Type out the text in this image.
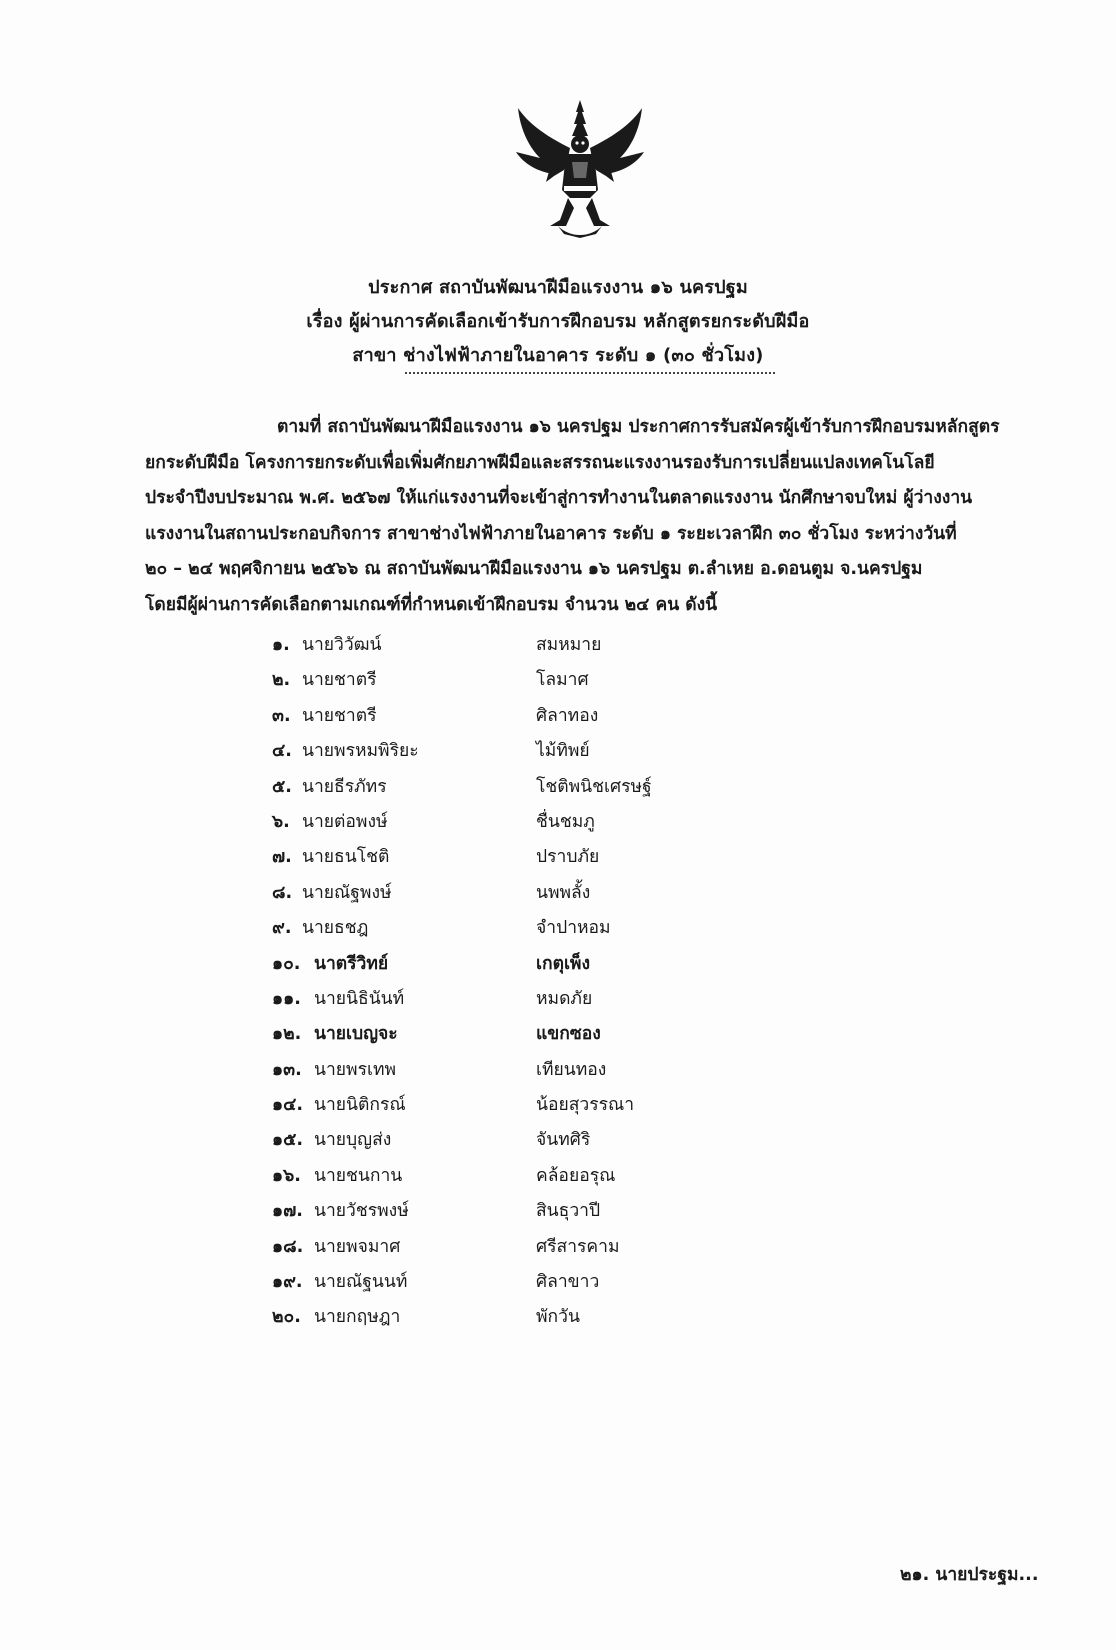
ประกาศ สถาบันพัฒนาฝีมือแรงงาน ๑๖ นครปฐม
เรื่อง ผู้ผ่านการคัดเลือกเข้ารับการฝึกอบรม หลักสูตรยกระดับฝีมือ
สาขา ช่างไฟฟ้าภายในอาคาร ระดับ ๑ (๓๐ ชั่วโมง)
ตามที่ สถาบันพัฒนาฝีมือแรงงาน ๑๖ นครปฐม ประกาศการรับสมัครผู้เข้ารับการฝึกอบรมหลักสูตร
ยกระดับฝีมือ โครงการยกระดับเพื่อเพิ่มศักยภาพฝีมือและสรรถนะแรงงานรองรับการเปลี่ยนแปลงเทคโนโลยี
ประจำปีงบประมาณ พ.ศ. ๒๕๖๗ ให้แก่แรงงานที่จะเข้าสู่การทำงานในตลาดแรงงาน นักศึกษาจบใหม่ ผู้ว่างงาน
แรงงานในสถานประกอบกิจการ สาขาช่างไฟฟ้าภายในอาคาร ระดับ ๑ ระยะเวลาฝึก ๓๐ ชั่วโมง ระหว่างวันที่
๒๐ – ๒๔ พฤศจิกายน ๒๕๖๖ ณ สถาบันพัฒนาฝีมือแรงงาน ๑๖ นครปฐม ต.ลำเหย อ.ดอนตูม จ.นครปฐม
โดยมีผู้ผ่านการคัดเลือกตามเกณฑ์ที่กำหนดเข้าฝึกอบรม จำนวน ๒๔ คน ดังนี้
๑. นายวิวัฒน์	สมหมาย
๒. นายชาตรี	โลมาศ
๓. นายชาตรี	ศิลาทอง
๔. นายพรหมพิริยะ	ไม้ทิพย์
๕. นายธีรภัทร	โชติพนิชเศรษฐ์
๖. นายต่อพงษ์	ชื่นชมภู
๗. นายธนโชติ	ปราบภัย
๘. นายณัฐพงษ์	นพพลั้ง
๙. นายธชฎ	จำปาหอม
๑๐. นาตรีวิทย์	เกตุเพ็ง
๑๑. นายนิธินันท์	หมดภัย
๑๒. นายเบญจะ	แขกซอง
๑๓. นายพรเทพ	เทียนทอง
๑๔. นายนิติกรณ์	น้อยสุวรรณา
๑๕. นายบุญส่ง	จันทศิริ
๑๖. นายชนกาน	คล้อยอรุณ
๑๗. นายวัชรพงษ์	สินธุวาปี
๑๘. นายพจมาศ	ศรีสารคาม
๑๙. นายณัฐนนท์	ศิลาขาว
๒๐. นายกฤษฎา	พักวัน
๒๑. นายประฐม...
